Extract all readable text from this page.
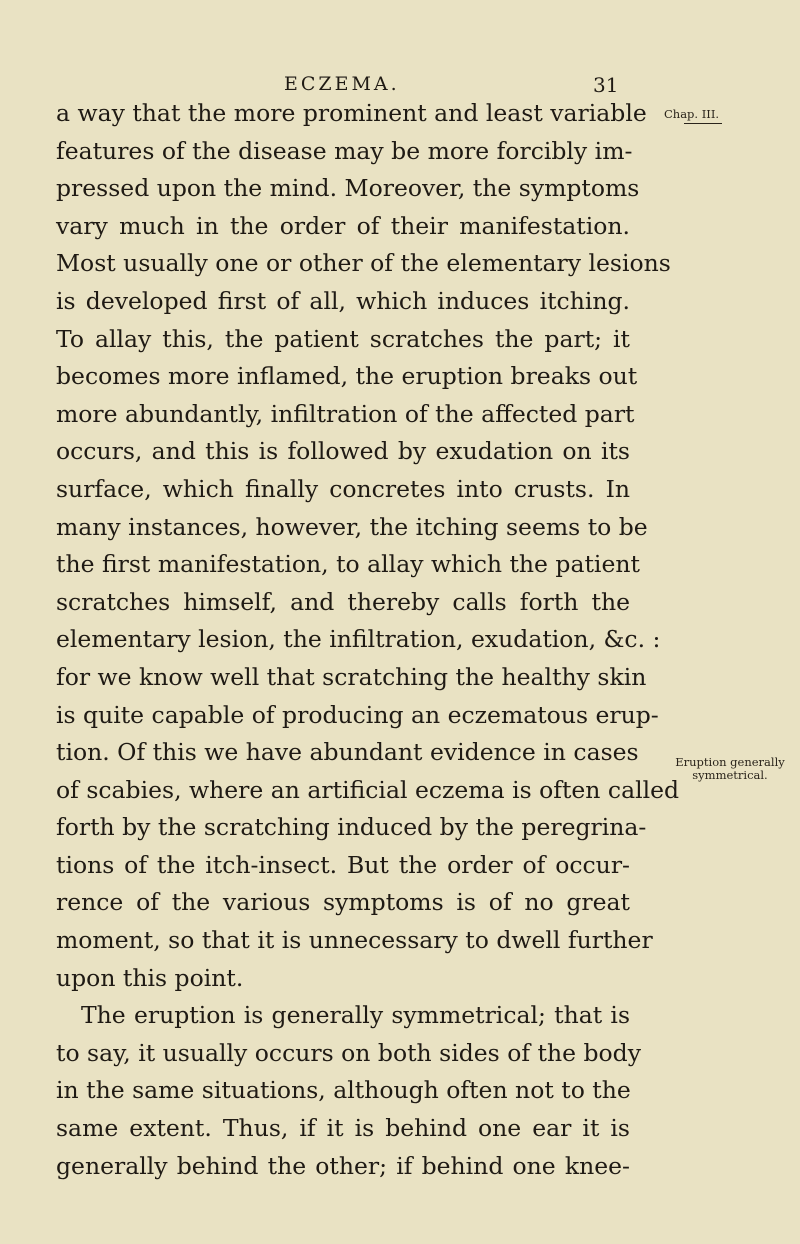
ECZEMA.	31
Chap. III.
Eruption generally
symmetrical.
a way that the more prominent and least variable
features of the disease may be more forcibly im-
pressed upon the mind. Moreover, the symptoms
vary much in the order of their manifestation.
Most usually one or other of the elementary lesions
is developed first of all, which induces itching.
To allay this, the patient scratches the part; it
becomes more inflamed, the eruption breaks out
more abundantly, infiltration of the affected part
occurs, and this is followed by exudation on its
surface, which finally concretes into crusts. In
many instances, however, the itching seems to be
the first manifestation, to allay which the patient
scratches himself, and thereby calls forth the
elementary lesion, the infiltration, exudation, &c. :
for we know well that scratching the healthy skin
is quite capable of producing an eczematous erup-
tion. Of this we have abundant evidence in cases
of scabies, where an artificial eczema is often called
forth by the scratching induced by the peregrina-
tions of the itch-insect. But the order of occur-
rence of the various symptoms is of no great
moment, so that it is unnecessary to dwell further
upon this point.
The eruption is generally symmetrical; that is
to say, it usually occurs on both sides of the body
in the same situations, although often not to the
same extent. Thus, if it is behind one ear it is
generally behind the other; if behind one knee-
